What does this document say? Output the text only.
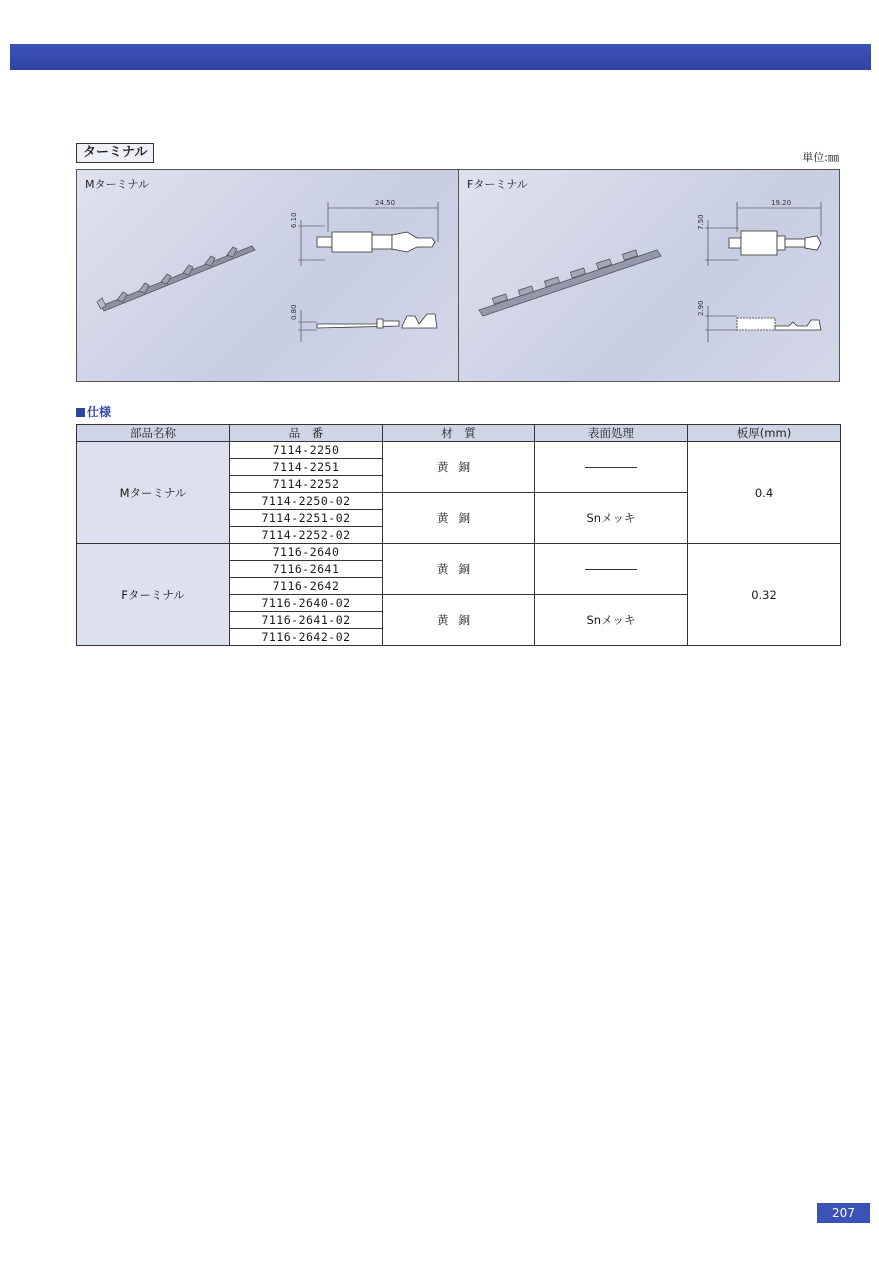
ターミナル	単位:㎜
Mターミナル
24.50
6.10
0.80
Fターミナル
19.20
7.50
2.90
仕様
部品名称	品　番	材　質	表面処理	板厚(mm)
Mターミナル	7114-2250	黄銅		0.4
	7114-2251			
	7114-2252			
	7114-2250-02	黄銅	Snメッキ	
	7114-2251-02			
	7114-2252-02			
Fターミナル	7116-2640	黄銅		0.32
	7116-2641			
	7116-2642			
	7116-2640-02	黄銅	Snメッキ	
	7116-2641-02			
	7116-2642-02			
207
